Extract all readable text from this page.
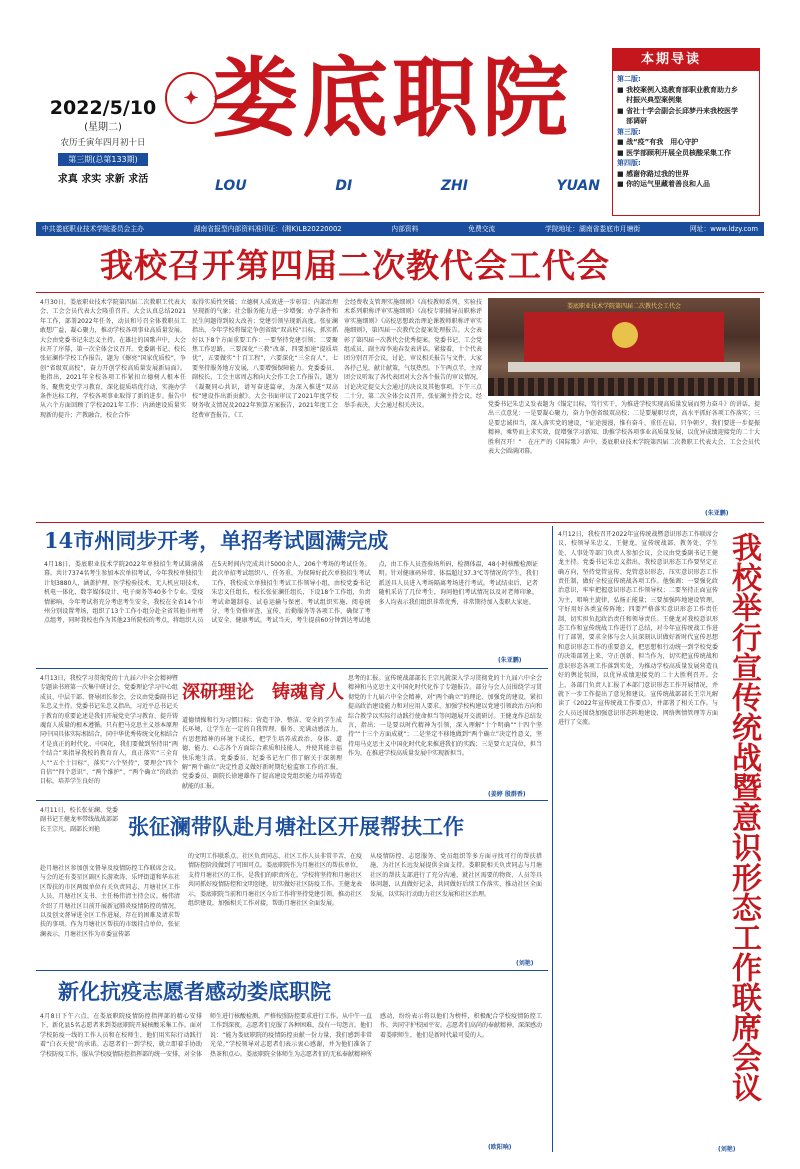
2022/5/10
(星期二)
农历壬寅年四月初十日
第三期(总第133期)
求真 求实 求新 求活
✦ 娄底职院
LOU	DI	ZHI	YUAN
本期导读
第二版:
■ 我校案例入选教育部职业教育助力乡
村振兴典型案例集
■ 省社十学会副会长邱梦丹来我校医学
部调研
第三版:
■ 战“疫”有我　用心守护
■ 医学部顾利开展全员核酸采集工作
第四版:
■ 感谢你路过我的世界
■ 你的运气里藏着善良和人品
中共娄底职业技术学院委员会主办	湖南省报型内部资料准印证：(湘K)LB20220002	内部资料	免费交流	学院地址：湖南省娄底市月塘街	网址：www.ldzy.com
我校召开第四届二次教代会工代会
4月30日，娄底职业技术学院第四届二次教职工代表大会、工会会员代表大会隆重召开。大会认真总结2021年工作，部署2022年任务，动员和号召全体教职员工敢想广益，凝心聚力，推动学校各项事业高质量发展。大会由党委书记朱忠义主持。在雄壮的国歌声中，大会拉开了序幕，第一次全体会议召开。党委副书记、校长张征澜作学校工作报告，题为《擦亮“国家优质校”，争创“省级双高校”，奋力开创学校高质量发展新局面》。他指出，2021年全校各项工作紧扣立德树人根本任务，聚焦党史学习教育，深化提质培优行动，实施办学条件达标工程，学校各项事业取得了新的进步。报告中从六个方面回顾了学校2021年工作；内涵建设质量实现新的提升；产教融合，校企合作
取得实质性突破；立德树人成效进一步彰显；内部治理呈现新的气象；社会服务能力进一步增强；办学条件和民生问题得到较大改善；党建引领呈现新高度。张征澜指出，今年学校将锚定争创省级“双高校”目标，抓实抓好以下8个方面重要工作：一要坚持党建引领；二要聚焦工作思路，三要深化“三教”改革，四要加速“提质培优”，五要做实“十百工程”，六要深化“三全育人”，七要坚持服务地方发展，八要增强保障能力。党委委员、副校长、工会主席周志和向大会作工会工作报告，题为《凝聚同心共识，谱写奋进篇章，为深入推进“双高校”建设作出新贡献》。大会书面审议了2021年度学校财务收支情况及2022年预算方案报告，2021年度工会经费审查报告，《工
会经费收支管理实施细则》《高校教师系列、实验技术系列职称评审实施细则》《高校专职辅导员职称评审实施细则》《高校思想政治理论课教师职称评审实施细则》，第四届一次教代会提案处理报告。大会表彰了第四届一次教代会优秀提案。党委书记、工会党组成员、副主席李迪春发表讲话。紧接着，十个代表团分别召开会议，讨论、审议相关报告与文件，大家各抒己见，献计献策，气氛热烈。下午两点半，主席团会议听取了各代表团对大会各个报告的审议情况，讨论决定提交大会通过的决议及其他事项。下午三点二十分，第二次全体会议召开，张征澜主持会议，经举手表决，大会通过相关决议。
娄底职业技术学院第四届二次教代会工代会
党委书记朱忠义发表题为《锚定目标，笃行实干，为推进学校实现高质量发展而努力奋斗》的讲话，提出三点意见：一是要凝心聚力，奋力争创省级双高校；二是要履职尽责，高水平抓好各项工作落实；三是要忠诚担当，深入落实党的建设，“征途漫漫，惟有奋斗，重任在肩，只争朝夕，我们要进一步提振精神，乘势而上求实效，促增强学习新知、助推学校各项事业高质量发展，以优异成绩迎接党的二十大胜利召开！”　在庄严的《国际歌》声中，娄底职业技术学院第四届二次教职工代表大会、工会会员代表大会圆满闭幕。
(朱亚鹏)
14市州同步开考，单招考试圆满完成
4月18日，娄底职业技术学院2022年单独招生考试圆满落幕。共计7374名考生参加本次单招考试，今年我校单独招生计划3880人，涵盖护理、医学检验技术、无人机应用技术、机电一体化、数字媒体设计、电子商务等40多个专业。受疫情影响，今年考试将充分考虑考生安全，我校在全省14个市州分别设置考场，组织了13个工作小组分赴全省其他市州考点组考，同时我校也作为其他23所院校的考点，将组织人员在5天时间内完成共计5000余人、206个考场的考试任务。此次单招考试组织八、任务重，为保障好此次单独招生考试工作，我校成立单独招生考试工作领导小组，由校党委书记朱忠义任组长，校长张征澜任组长，下设18个工作组，负责考试命题制卷、试卷运输与保密、考试组织实施、阅卷统分、考生资格审查、宣传、后勤服务等各项工作，确保了考试安全、健康考试。考试当天，考生提前60分钟到达考试地点，由工作人员查验场所码，检测体温，48小时核酸检测证明。针对健康码异常、体温超过37.3℃等情况的学生，我们派送具人员进入考场隔离考场进行考试。考试结束后，记者随机采访了几位考生，询问他们考试情况以及对老师印象，多人均表示我们组织非常优秀，非常期待加入娄职大家庭。
(朱亚鹏)
4月13日，我校学习贯彻党的十九届六中全会精神暨专题读书班第一次集中研讨会，党委理论学习中心组成员、中层干部、督导团长参会，会议由党委副书记朱忠义主持。党委书记朱忠义指出，习近平总书记关于教育的重要论述是我们开展党史学习教育、提升铸魂育人质量的根本遵循。只有把马克思主义基本原理同中国具体实际相结合，同中华优秀传统文化相结合才是真正的时代化、中国化，我们要做到坚持用“两个结合”来指导我校的教育育人，真正落实“三全育人”“五个十目标”，落实“六个坚持”，要理会“四个自信”“四个意识”、“两个维护”、“两个确立”的政治目标，培养学生良好的
深研理论　铸魂育人
道德情操和行为习惯目标；营造干净、整洁、安全的学生成长环境，让学生在一定的自我管理、服务、充满动感活力，有思想精神的环境下成长，把学生培养成政治、身体、道德、能力、心志各个方面综合素质和技能人，并使其能幸福快乐地生活。党委委员、纪委书记左广伟了解关于深刻理解“两个确立”决定性意义做好新时期纪检监察工作的汇报，党委委员、副院长徐建雄作了提高建设党组织能力培养铸造献能的汇报。
思考的汇报。宣传统战部部长王宗凡就深入学习贯彻党的十九届六中全会精神和马克思主义中国化时代化作了专题报告。部分与会人员围绕学习贯彻党的十九届六中全会精神，对“两个确立”的理论、加强党的建设，紧扣提高政治建设能力和对应用人要求、加强学校构建以党建引领政治方向和综合教学以实际行动践行使命担当等问题展开交流研讨。王健龙作总结发言，指出：一是要以时代精神为引领，深入理解“十个明确”“十四个坚持”“十三个方面成就”；二是坚定不移地做到“两个确立”决定性意义，坚持用马克思主义中国化时代化来推进我们的实践；三是要立足岗位，担当作为，在推进学校高质量发展中实现新担当。
(姜婷 殷群香)
4月11日，校长张征澜、党委副书记王健龙率带线战战部部长王宗凡、副部长刘艳	张征澜带队赴月塘社区开展帮扶工作
赴月塘社区参加创文督导及疫情防控工作联席会议。与会的还有娄星区副区长游欢涛、乐坪街道和华东社区帮扶的市区两级单位有关负责同志、月塘社区工作人员，月塘社区支书、主任杨伟清主持会议。杨伟清介绍了月塘社区目前开展新冠肺炎疫情防控的情况，以及创文督导进全区工作进展，存在的困难及请求帮扶的事项。作为月塘社区帮扶的市级挂点单位，张征澜表示，月塘社区作为市委宣传部
的文明工作联系点、社区负责同志、社区工作人员非常辛苦，在疫情防控阶段做到了可圈可点。娄底职院作为月塘社区的帮扶单位，支持月塘社区的工作，是我们的职责所在。学校将坚持和月塘社区共同抓好疫情防控和文明创建，切实做好社区防疫工作。王健龙表示，娄底职院当前和月塘社区今后工作将坚持党建引领，推动社区组织建设，加强相关工作对接，帮助月塘社区全面发展。
从疫情防控、志愿服务、党员组织等多方面寻找可行的帮扶措施，为社区长远发展提供全面支持。娄职院相关负责同志与月塘社区的帮扶支部进行了充分沟通，就社区需要的物资、人员等具体问题，认真做好记录，共同做好后续工作落实，推动社区全面发展，以实际行动助力社区发展和社区治理。
(刘艳)
新化抗疫志愿者感动娄底职院
4月8日下午六点，在娄底职院疫情防控指挥部的精心安排下，新化县5名志愿者来到娄底职院开展核酸采集工作。面对学校防疫一线的工作人员和在校师生，他们用实际行动践行着“白衣天使”的承诺。志愿者们一到学校，就立即着手协助学校防疫工作，服从学校疫情防控指挥部的统一安排，对全体师生进行核酸检测，严格按照防控要求进行工作。从中午一直工作到深夜，志愿者们克服了各种困难，没有一句怨言。他们说：“能为娄底职院的疫情防控贡献一份力量，我们感到非常光荣。”学校领导对志愿者们表示衷心感谢，并为他们准备了热茶和点心。娄底职院全体师生为志愿者们的无私奉献精神所感动，纷纷表示将以他们为榜样，积极配合学校疫情防控工作，共同守护校园平安。志愿者们高尚的奉献精神，深深感动着娄职师生，他们是新时代最可爱的人。
(欧阳响)
4月12日，我校召开2022年宣传统战暨意识形态工作联席会议，校领导朱忠义、王健龙，宣传统战部、教务处、学生处、人事处等部门负责人参加会议，会议由党委副书记王健龙主持。党委书记朱忠义指出，我校意识形态工作要坚定正确方向，坚持党管宣传、党管意识形态，压实意识形态工作责任制，做好全校宣传统战各项工作。他强调：一要强化政治意识，牢牢把握意识形态工作领导权；二要坚持正面宣传为主，唱响主旋律，弘扬正能量；三要加强阵地建设管理，守好用好各类宣传阵地；四要严格落实意识形态工作责任制，切实担负起政治责任和领导责任。王健龙对我校意识形态工作和宣传统战工作进行了总结，对今年宣传统战工作进行了部署，要求全体与会人员深刻认识做好新时代宣传思想和意识形态工作的重要意义，把思想和行动统一到学校党委的决策部署上来，守正创新、担当作为，切实把宣传统战和意识形态各项工作落到实处，为推动学校高质量发展营造良好的舆论氛围，以优异成绩迎接党的二十大胜利召开。会上，各部门负责人汇报了本部门意识形态工作开展情况，并就下一步工作提出了意见和建议。宣传统战部部长王宗凡解读了《2022年宣传统战工作要点》，并部署了相关工作。与会人员还围绕加强意识形态阵地建设、网络舆情管理等方面进行了交流。	我校举行宣传统战暨意识形态工作联席会议
(刘艳)
